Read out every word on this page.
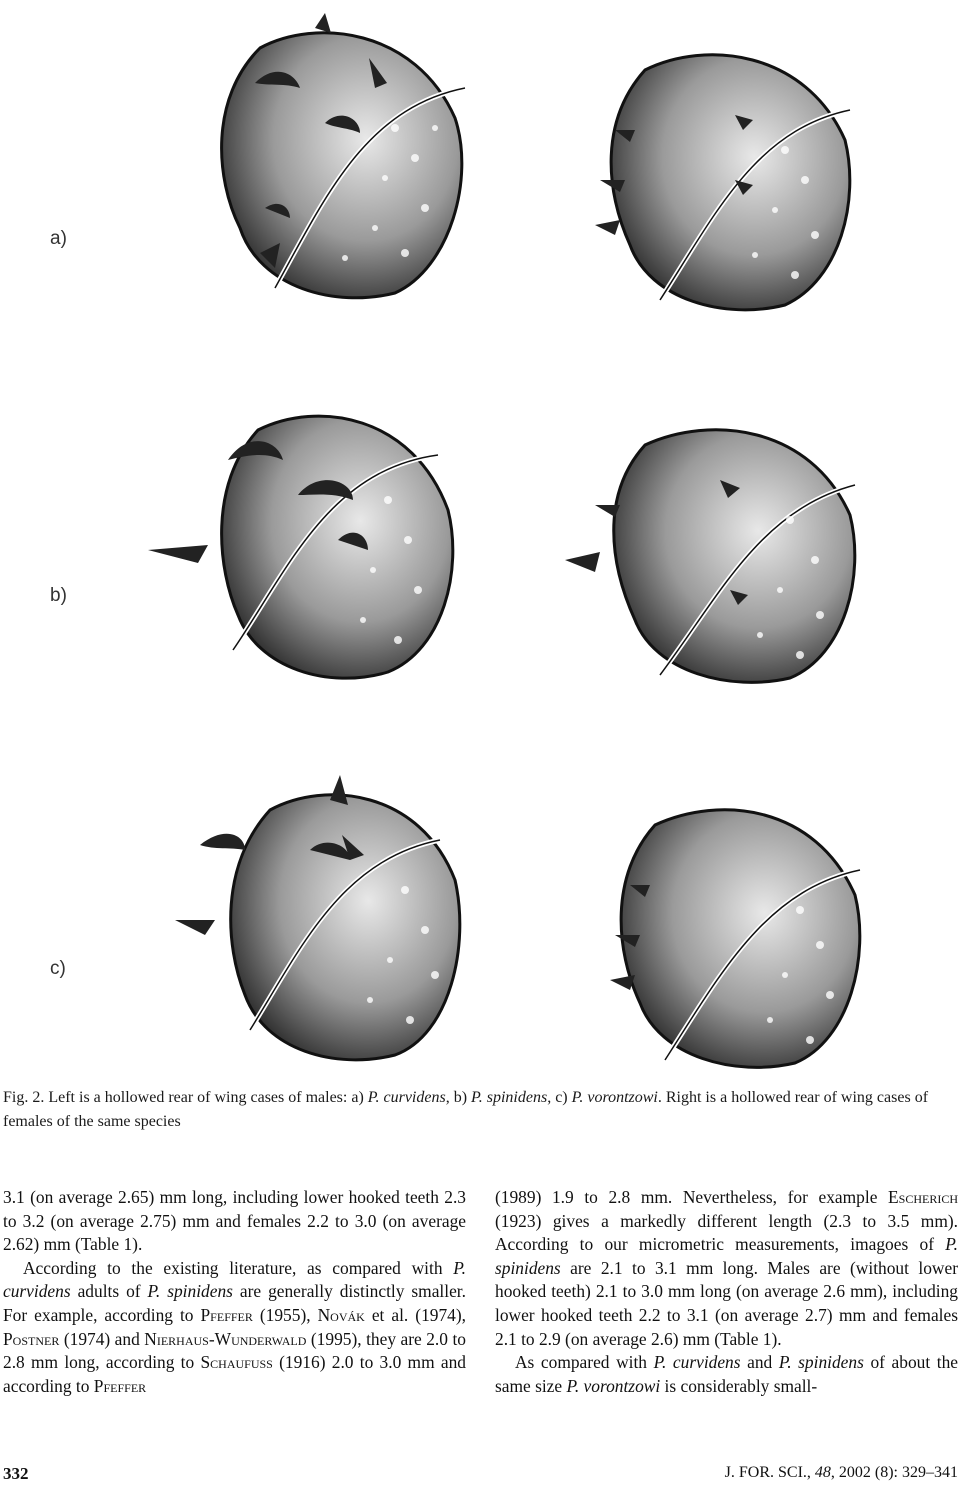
a)
b)
c)
Fig. 2. Left is a hollowed rear of wing cases of males: a) P. curvidens, b) P. spinidens, c) P. vorontzowi. Right is a hollowed rear of wing cases of females of the same species

3.1 (on average 2.65) mm long, including lower hooked teeth 2.3 to 3.2 (on average 2.75) mm and females 2.2 to 3.0 (on average 2.62) mm (Table 1).

According to the existing literature, as compared with P. curvidens adults of P. spinidens are generally distinctly smaller. For example, according to Pfeffer (1955), Novák et al. (1974), Postner (1974) and Nierhaus-Wunderwald (1995), they are 2.0 to 2.8 mm long, according to Schaufuss (1916) 2.0 to 3.0 mm and according to Pfeffer

(1989) 1.9 to 2.8 mm. Nevertheless, for example Escherich (1923) gives a markedly different length (2.3 to 3.5 mm). According to our micrometric measurements, imagoes of P. spinidens are 2.1 to 3.1 mm long. Males are (without lower hooked teeth) 2.1 to 3.0 mm long (on average 2.6 mm), including lower hooked teeth 2.2 to 3.1 (on average 2.7) mm and females 2.1 to 2.9 (on average 2.6) mm (Table 1).

As compared with P. curvidens and P. spinidens of about the same size P. vorontzowi is considerably small-

332	J. FOR. SCI., 48, 2002 (8): 329–341
